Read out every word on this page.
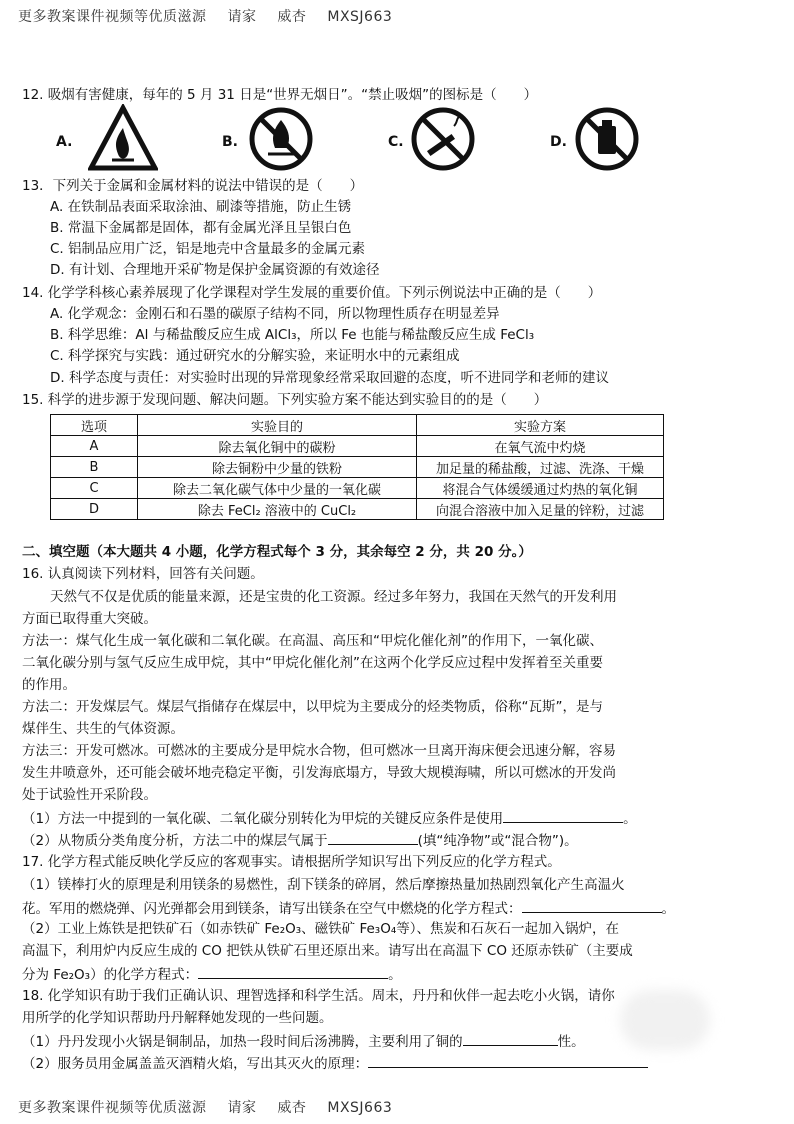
更多教案课件视频等优质滋源 请家 威杏 MXSJ663
12. 吸烟有害健康，每年的 5 月 31 日是“世界无烟日”。“禁止吸烟”的图标是（　　）
A.	B.	C.	D.
13．下列关于金属和金属材料的说法中错误的是（　　）
A. 在铁制品表面采取涂油、刷漆等措施，防止生锈
B. 常温下金属都是固体，都有金属光泽且呈银白色
C. 铝制品应用广泛，铝是地壳中含量最多的金属元素
D. 有计划、合理地开采矿物是保护金属资源的有效途径
14. 化学学科核心素养展现了化学课程对学生发展的重要价值。下列示例说法中正确的是（　　）
A. 化学观念：金刚石和石墨的碳原子结构不同，所以物理性质存在明显差异
B. 科学思维：Al 与稀盐酸反应生成 AlCl₃，所以 Fe 也能与稀盐酸反应生成 FeCl₃
C. 科学探究与实践：通过研究水的分解实验，来证明水中的元素组成
D. 科学态度与责任：对实验时出现的异常现象经常采取回避的态度，听不进同学和老师的建议
15. 科学的进步源于发现问题、解决问题。下列实验方案不能达到实验目的的是（　　）
选项	实验目的	实验方案
A	除去氧化铜中的碳粉	在氧气流中灼烧
B	除去铜粉中少量的铁粉	加足量的稀盐酸，过滤、洗涤、干燥
C	除去二氧化碳气体中少量的一氧化碳	将混合气体缓缓通过灼热的氧化铜
D	除去 FeCl₂ 溶液中的 CuCl₂	向混合溶液中加入足量的锌粉，过滤
二、填空题（本大题共 4 小题，化学方程式每个 3 分，其余每空 2 分，共 20 分。）
16. 认真阅读下列材料，回答有关问题。
天然气不仅是优质的能量来源，还是宝贵的化工资源。经过多年努力，我国在天然气的开发利用
方面已取得重大突破。
方法一：煤气化生成一氧化碳和二氧化碳。在高温、高压和“甲烷化催化剂”的作用下，一氧化碳、
二氧化碳分别与氢气反应生成甲烷，其中“甲烷化催化剂”在这两个化学反应过程中发挥着至关重要
的作用。
方法二：开发煤层气。煤层气指储存在煤层中，以甲烷为主要成分的烃类物质，俗称“瓦斯”，是与
煤伴生、共生的气体资源。
方法三：开发可燃冰。可燃冰的主要成分是甲烷水合物，但可燃冰一旦离开海床便会迅速分解，容易
发生井喷意外，还可能会破坏地壳稳定平衡，引发海底塌方，导致大规模海啸，所以可燃冰的开发尚
处于试验性开采阶段。
（1）方法一中提到的一氧化碳、二氧化碳分别转化为甲烷的关键反应条件是使用	。
（2）从物质分类角度分析，方法二中的煤层气属于	(填“纯净物”或“混合物”)。
17. 化学方程式能反映化学反应的客观事实。请根据所学知识写出下列反应的化学方程式。
（1）镁棒打火的原理是利用镁条的易燃性，刮下镁条的碎屑，然后摩擦热量加热剧烈氧化产生高温火
花。军用的燃烧弹、闪光弹都会用到镁条，请写出镁条在空气中燃烧的化学方程式：	。
（2）工业上炼铁是把铁矿石（如赤铁矿 Fe₂O₃、磁铁矿 Fe₃O₄等）、焦炭和石灰石一起加入锅炉，在
高温下，利用炉内反应生成的 CO 把铁从铁矿石里还原出来。请写出在高温下 CO 还原赤铁矿（主要成
分为 Fe₂O₃）的化学方程式：	。
18. 化学知识有助于我们正确认识、理智选择和科学生活。周末，丹丹和伙伴一起去吃小火锅，请你
用所学的化学知识帮助丹丹解释她发现的一些问题。
（1）丹丹发现小火锅是铜制品，加热一段时间后汤沸腾，主要利用了铜的	性。
（2）服务员用金属盖盖灭酒精火焰，写出其灭火的原理：
更多教案课件视频等优质滋源 请家 威杏 MXSJ663
